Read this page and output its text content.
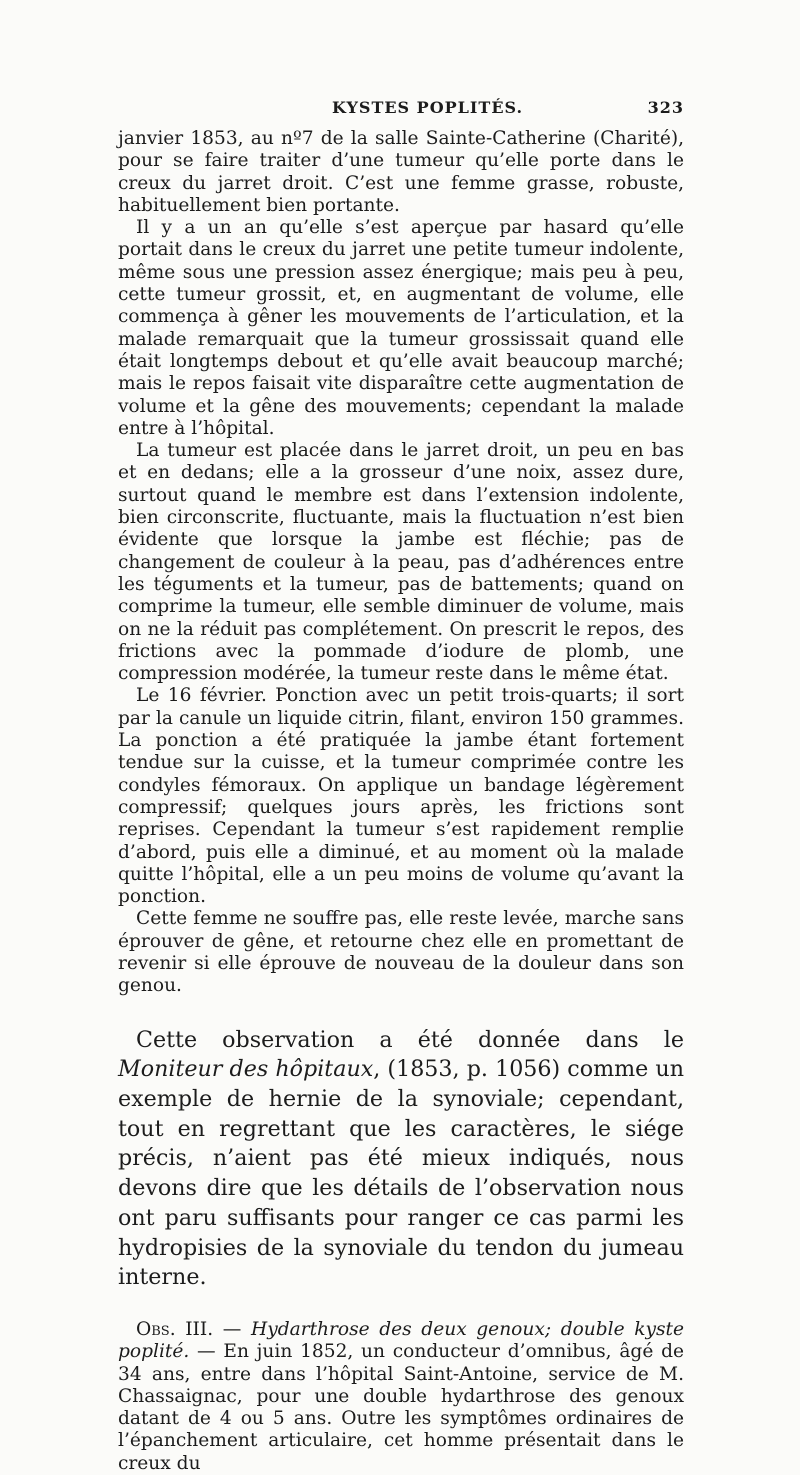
KYSTES POPLITÉS.	323

janvier 1853, au nº7 de la salle Sainte-Catherine (Charité), pour se faire traiter d’une tumeur qu’elle porte dans le creux du jarret droit. C’est une femme grasse, robuste, habituellement bien portante.

Il y a un an qu’elle s’est aperçue par hasard qu’elle portait dans le creux du jarret une petite tumeur indolente, même sous une pression assez énergique; mais peu à peu, cette tumeur grossit, et, en augmentant de volume, elle commença à gêner les mouvements de l’articulation, et la malade remarquait que la tumeur grossissait quand elle était longtemps debout et qu’elle avait beaucoup marché; mais le repos faisait vite disparaître cette augmentation de volume et la gêne des mouvements; cependant la malade entre à l’hôpital.

La tumeur est placée dans le jarret droit, un peu en bas et en dedans; elle a la grosseur d’une noix, assez dure, surtout quand le membre est dans l’extension indolente, bien circonscrite, fluctuante, mais la fluctuation n’est bien évidente que lorsque la jambe est fléchie; pas de changement de couleur à la peau, pas d’adhérences entre les téguments et la tumeur, pas de battements; quand on comprime la tumeur, elle semble diminuer de volume, mais on ne la réduit pas complétement. On prescrit le repos, des frictions avec la pommade d’iodure de plomb, une compression modérée, la tumeur reste dans le même état.

Le 16 février. Ponction avec un petit trois-quarts; il sort par la canule un liquide citrin, filant, environ 150 grammes. La ponction a été pratiquée la jambe étant fortement tendue sur la cuisse, et la tumeur comprimée contre les condyles fémoraux. On applique un bandage légèrement compressif; quelques jours après, les frictions sont reprises. Cependant la tumeur s’est rapidement remplie d’abord, puis elle a diminué, et au moment où la malade quitte l’hôpital, elle a un peu moins de volume qu’avant la ponction.

Cette femme ne souffre pas, elle reste levée, marche sans éprouver de gêne, et retourne chez elle en promettant de revenir si elle éprouve de nouveau de la douleur dans son genou.

Cette observation a été donnée dans le Moniteur des hôpitaux, (1853, p. 1056) comme un exemple de hernie de la synoviale; cependant, tout en regrettant que les caractères, le siége précis, n’aient pas été mieux indiqués, nous devons dire que les détails de l’observation nous ont paru suffisants pour ranger ce cas parmi les hydropisies de la synoviale du tendon du jumeau interne.

Obs. III. — Hydarthrose des deux genoux; double kyste poplité. — En juin 1852, un conducteur d’omnibus, âgé de 34 ans, entre dans l’hôpital Saint-Antoine, service de M. Chassaignac, pour une double hydarthrose des genoux datant de 4 ou 5 ans. Outre les symptômes ordinaires de l’épanchement articulaire, cet homme présentait dans le creux du
